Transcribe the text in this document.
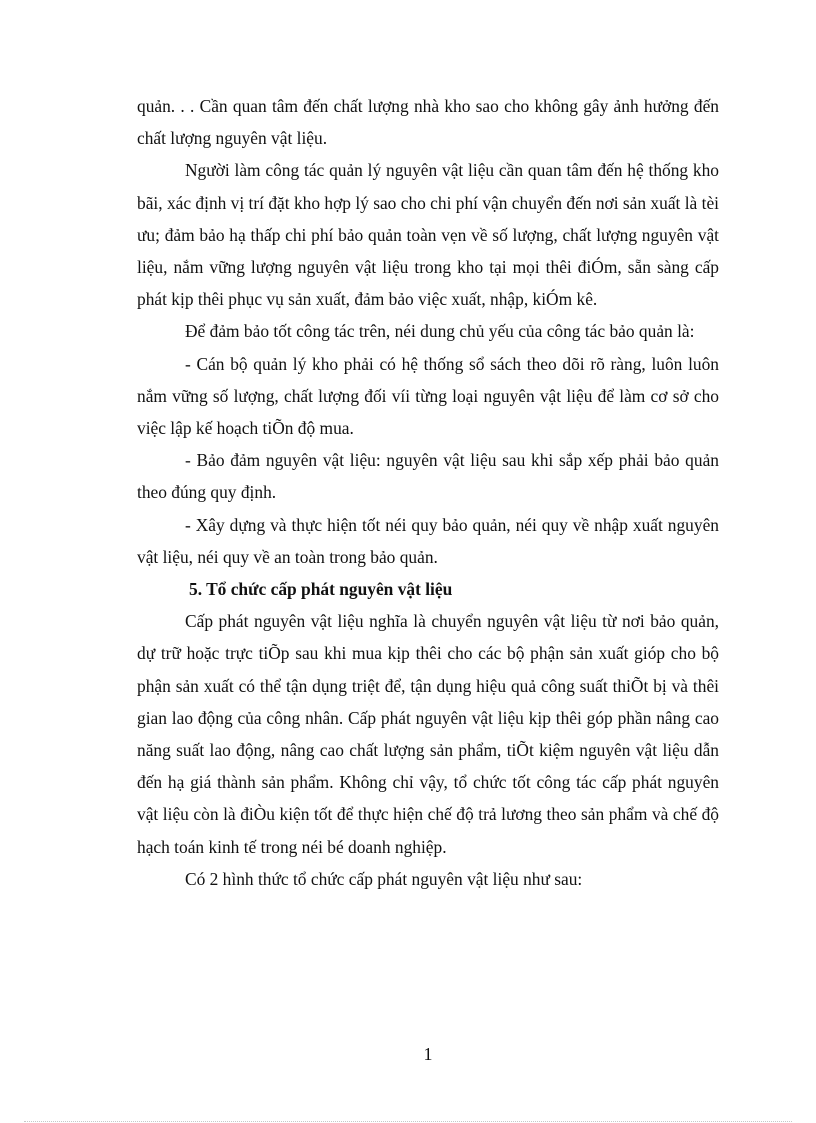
quản. . . Cần quan tâm đến chất lượng nhà kho sao cho không gây ảnh hưởng đến chất lượng nguyên vật liệu.

Người làm công tác quản lý nguyên vật liệu cần quan tâm đến hệ thống kho bãi, xác định vị trí đặt kho hợp lý sao cho chi phí vận chuyển đến nơi sản xuất là tèi ưu; đảm bảo hạ thấp chi phí bảo quản toàn vẹn về số lượng, chất lượng nguyên vật liệu, nắm vững lượng nguyên vật liệu trong kho tại mọi thêi điÓm, sẵn sàng cấp phát kịp thêi phục vụ sản xuất, đảm bảo việc xuất, nhập, kiÓm kê.

Để đảm bảo tốt công tác trên, néi dung chủ yếu của công tác bảo quản là:

- Cán bộ quản lý kho phải có hệ thống sổ sách theo dõi rõ ràng, luôn luôn nắm vững số lượng, chất lượng đối víi từng loại nguyên vật liệu để làm cơ sở cho việc lập kế hoạch tiÕn độ mua.

- Bảo đảm nguyên vật liệu: nguyên vật liệu sau khi sắp xếp phải bảo quản theo đúng quy định.

- Xây dựng và thực hiện tốt néi quy bảo quản, néi quy về nhập xuất nguyên vật liệu, néi quy về an toàn trong bảo quản.

5. Tổ chức cấp phát nguyên vật liệu

Cấp phát nguyên vật liệu nghĩa là chuyển nguyên vật liệu từ nơi bảo quản, dự trữ hoặc trực tiÕp sau khi mua kịp thêi cho các bộ phận sản xuất gióp cho bộ phận sản xuất có thể tận dụng triệt để, tận dụng hiệu quả công suất thiÕt bị và thêi gian lao động của công nhân. Cấp phát nguyên vật liệu kịp thêi góp phần nâng cao năng suất lao động, nâng cao chất lượng sản phẩm, tiÕt kiệm nguyên vật liệu dẫn đến hạ giá thành sản phẩm. Không chỉ vậy, tổ chức tốt công tác cấp phát nguyên vật liệu còn là điÒu kiện tốt để thực hiện chế độ trả lương theo sản phẩm và chế độ hạch toán kinh tế trong néi bé doanh nghiệp.

Có 2 hình thức tổ chức cấp phát nguyên vật liệu như sau:

1
